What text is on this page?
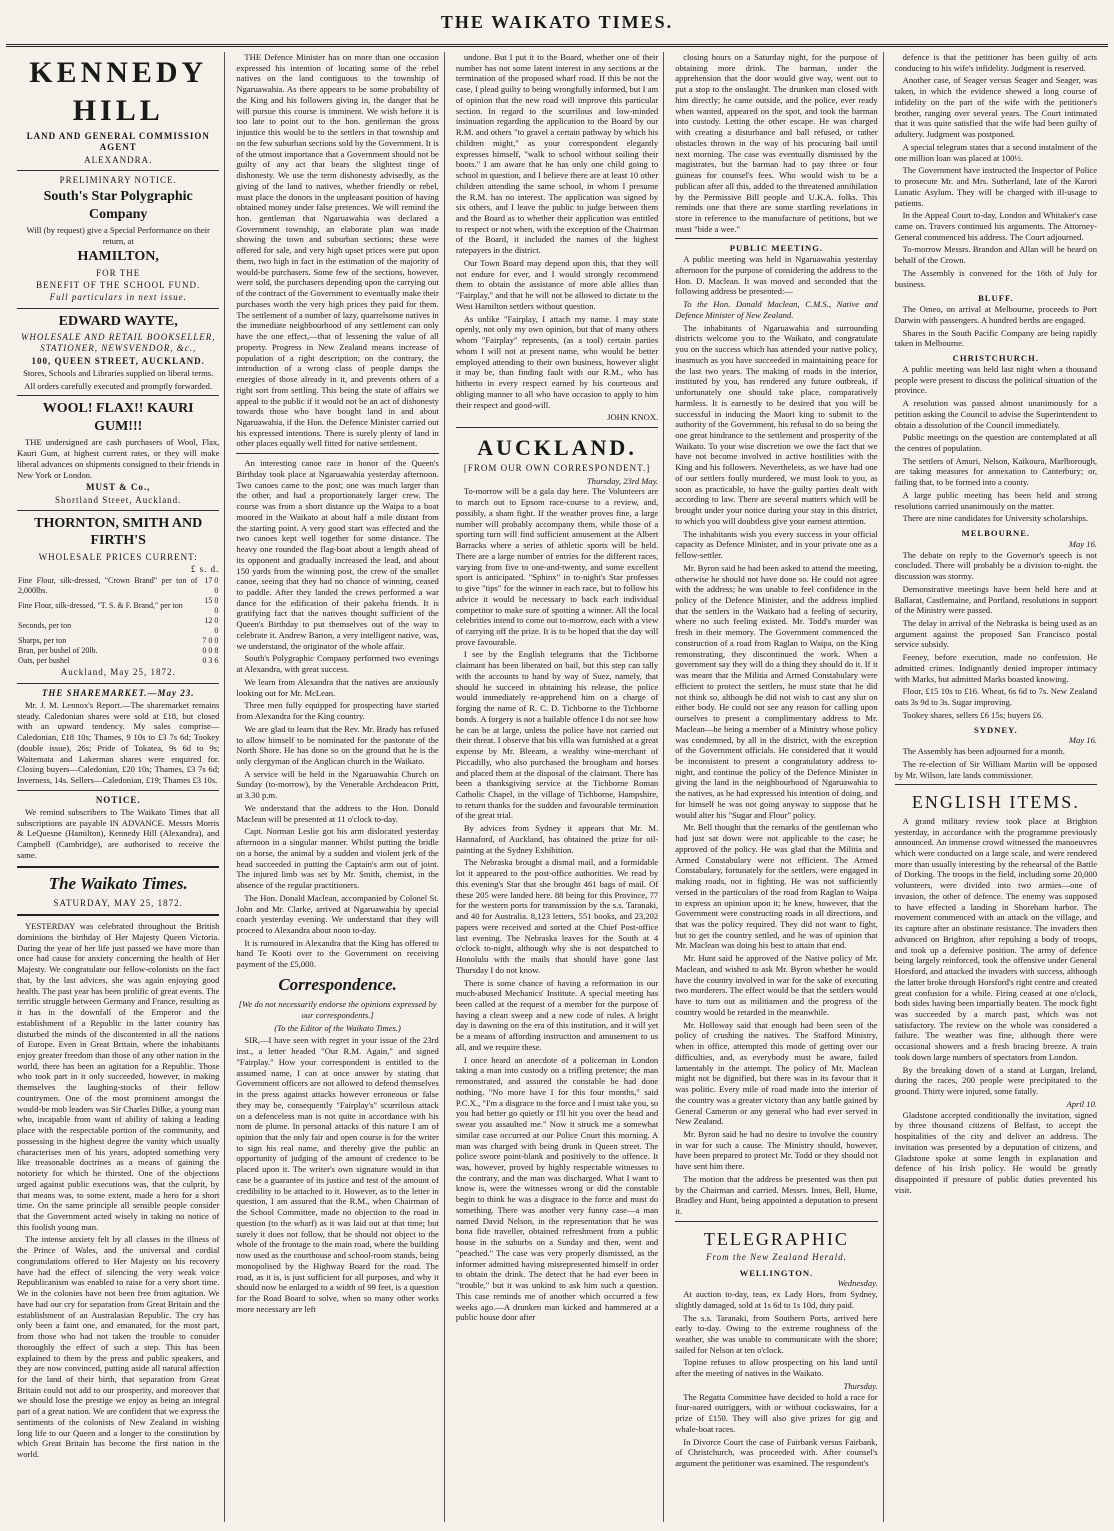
THE WAIKATO TIMES.
KENNEDY HILL
LAND AND GENERAL COMMISSION AGENT
ALEXANDRA.
PRELIMINARY NOTICE.
South's Star Polygraphic Company

Will (by request) give a Special Performance on their return, at

HAMILTON,
FOR THE
BENEFIT OF THE SCHOOL FUND.
Full particulars in next issue.
EDWARD WAYTE,
WHOLESALE AND RETAIL BOOKSELLER, STATIONER, NEWSVENDOR, &c.,
100, QUEEN STREET, AUCKLAND.

Stores, Schools and Libraries supplied on liberal terms.

All orders carefully executed and promptly forwarded.

WOOL! FLAX!! KAURI GUM!!!

THE undersigned are cash purchasers of Wool, Flax, Kauri Gum, at highest current rates, or they will make liberal advances on shipments consigned to their friends in New York or London.

MUST & Co.,
Shortland Street, Auckland.
THORNTON, SMITH AND FIRTH'S
WHOLESALE PRICES CURRENT:
£ s. d.
Fine Flour, silk-dressed, "Crown Brand" per ton of 2,000lbs.	17 0 0
Fine Flour, silk-dressed, "T. S. & F. Brand," per ton	15 0 0
Seconds, per ton	12 0 0
Sharps, per ton	7 0 0
Bran, per bushel of 20lb.	0 0 8
Oats, per bushel	0 3 6
Auckland, May 25, 1872.
THE SHAREMARKET.—May 23.

Mr. J. M. Lennox's Report.—The sharemarket remains steady. Caledonian shares were sold at £18, but closed with an upward tendency. My sales comprise—Caledonian, £18 10s; Thames, 9 10s to £3 7s 6d; Tookey (double issue), 26s; Pride of Tokatea, 9s 6d to 9s; Waitemata and Lakerman shares were enquired for. Closing buyers—Caledonian, £20 10s; Thames, £3 7s 6d; Inverness, 14s. Sellers—Caledonian, £19; Thames £3 10s.

NOTICE.

We remind subscribers to The Waikato Times that all subscriptions are payable IN ADVANCE. Messrs Morris & LeQuesne (Hamilton), Kennedy Hill (Alexandra), and Campbell (Cambridge), are authorised to receive the same.

The Waikato Times.
SATURDAY, MAY 25, 1872.

YESTERDAY was celebrated throughout the British dominions the birthday of Her Majesty Queen Victoria. During the year of her life just passed we have more than once had cause for anxiety concerning the health of Her Majesty. We congratulate our fellow-colonists on the fact that, by the last advices, she was again enjoying good health. The past year has been prolific of great events. The terrific struggle between Germany and France, resulting as it has in the downfall of the Emperor and the establishment of a Republic in the latter country has disturbed the minds of the discontented in all the nations of Europe. Even in Great Britain, where the inhabitants enjoy greater freedom than those of any other nation in the world, there has been an agitation for a Republic. Those who took part in it only succeeded, however, in making themselves the laughing-stocks of their fellow countrymen. One of the most prominent amongst the would-be mob leaders was Sir Charles Dilke, a young man who, incapable from want of ability of taking a leading place with the respectable portion of the community, and possessing in the highest degree the vanity which usually characterises men of his years, adopted something very like treasonable doctrines as a means of gaining the notoriety for which he thirsted. One of the objections urged against public executions was, that the culprit, by that means was, to some extent, made a hero for a short time. On the same principle all sensible people consider that the Government acted wisely in taking no notice of this foolish young man.

The intense anxiety felt by all classes in the illness of the Prince of Wales, and the universal and cordial congratulations offered to Her Majesty on his recovery have had the effect of silencing the very weak voice Republicanism was enabled to raise for a very short time. We in the colonies have not been free from agitation. We have had our cry for separation from Great Britain and the establishment of an Australasian Republic. The cry has only been a faint one, and emanated, for the most part, from those who had not taken the trouble to consider thoroughly the effect of such a step. This has been explained to them by the press and public speakers, and they are now convinced, putting aside all natural affection for the land of their birth, that separation from Great Britain could not add to our prosperity, and moreover that we should lose the prestige we enjoy as being an integral part of a great nation. We are confident that we express the sentiments of the colonists of New Zealand in wishing long life to our Queen and a longer to the constitution by which Great Britain has become the first nation in the world.

THE Defence Minister has on more than one occasion expressed his intention of locating some of the rebel natives on the land contiguous to the township of Ngaruawahia. As there appears to be some probability of the King and his followers giving in, the danger that he will pursue this course is imminent. We wish before it is too late to point out to the hon. gentleman the gross injustice this would be to the settlers in that township and on the few suburban sections sold by the Government. It is of the utmost importance that a Government should not be guilty of any act that bears the slightest tinge of dishonesty. We use the term dishonesty advisedly, as the giving of the land to natives, whether friendly or rebel, must place the donors in the unpleasant position of having obtained money under false pretences. We will remind the hon. gentleman that Ngaruawahia was declared a Government township, an elaborate plan was made showing the town and suburban sections; these were offered for sale, and very high upset prices were put upon them, two high in fact in the estimation of the majority of would-be purchasers. Some few of the sections, however, were sold, the purchasers depending upon the carrying out of the contract of the Government to eventually make their purchases worth the very high prices they paid for them. The settlement of a number of lazy, quarrelsome natives in the immediate neighbourhood of any settlement can only have the one effect,—that of lessening the value of all property. Progress in New Zealand means increase of population of a right description; on the contrary, the introduction of a wrong class of people damps the energies of those already in it, and prevents others of a right sort from settling. This being the state of affairs we appeal to the public if it would not be an act of dishonesty towards those who have bought land in and about Ngaruawahia, if the Hon. the Defence Minister carried out his expressed intentions. There is surely plenty of land in other places equally well fitted for native settlement.

An interesting canoe race in honor of the Queen's Birthday took place at Ngaruawahia yesterday afternoon. Two canoes came to the post; one was much larger than the other, and had a proportionately larger crew. The course was from a short distance up the Waipa to a boat moored in the Waikato at about half a mile distant from the starting point. A very good start was effected and the two canoes kept well together for some distance. The heavy one rounded the flag-boat about a length ahead of its opponent and gradually increased the lead, and about 150 yards from the winning post, the crew of the smaller canoe, seeing that they had no chance of winning, ceased to paddle. After they landed the crews performed a war dance for the edification of their pakeha friends. It is gratifying fact that the natives thought sufficient of the Queen's Birthday to put themselves out of the way to celebrate it. Andrew Barton, a very intelligent native, was, we understand, the originator of the whole affair.

South's Polygraphic Company performed two evenings at Alexandra, with great success.

We learn from Alexandra that the natives are anxiously looking out for Mr. McLean.

Three men fully equipped for prospecting have started from Alexandra for the King country.

We are glad to learn that the Rev. Mr. Brady has refused to allow himself to be nominated for the pastorate of the North Shore. He has done so on the ground that he is the only clergyman of the Anglican church in the Waikato.

A service will be held in the Ngaruawahia Church on Sunday (to-morrow), by the Venerable Archdeacon Pritt, at 3.30 p.m.

We understand that the address to the Hon. Donald Maclean will be presented at 11 o'clock to-day.

Capt. Norman Leslie got his arm dislocated yesterday afternoon in a singular manner. Whilst putting the bridle on a horse, the animal by a sudden and violent jerk of the head succeeded in putting the Captain's arm out of joint. The injured limb was set by Mr. Smith, chemist, in the absence of the regular practitioners.

The Hon. Donald Maclean, accompanied by Colonel St. John and Mr. Clarke, arrived at Ngaruawahia by special coach yesterday evening. We understand that they will proceed to Alexandra about noon to-day.

It is rumoured in Alexandra that the King has offered to hand Te Kooti over to the Government on receiving payment of the £5,000.

Correspondence.

[We do not necessarily endorse the opinions expressed by our correspondents.]

(To the Editor of the Waikato Times.)

SIR,—I have seen with regret in your issue of the 23rd inst., a letter headed "Our R.M. Again," and signed "Fairplay." How your correspondent is entitled to the assumed name, I can at once answer by stating that Government officers are not allowed to defend themselves in the press against attacks however erroneous or false they may be, consequently "Fairplay's" scurrilous attack on a defenceless man is not quite in accordance with his nom de plume. In personal attacks of this nature I am of opinion that the only fair and open course is for the writer to sign his real name, and thereby give the public an opportunity of judging of the amount of credence to be placed upon it. The writer's own signature would in that case be a guarantee of its justice and test of the amount of credibility to be attached to it. However, as to the letter in question, I am assured that the R.M., when Chairman of the School Committee, made no objection to the road in question (to the wharf) as it was laid out at that time; but surely it does not follow, that he should not object to the whole of the frontage to the main road, where the building now used as the courthouse and school-room stands, being monopolised by the Highway Board for the road. The road, as it is, is just sufficient for all purposes, and why it should now be enlarged to a width of 99 feet, is a question for the Road Board to solve, when so many other works more necessary are left

undone. But I put it to the Board, whether one of their number has not some latent interest in any sections at the termination of the proposed wharf road. If this be not the case, I plead guilty to being wrongfully informed, but I am of opinion that the new road will improve this particular section. In regard to the scurrilous and low-minded insinuation regarding the application to the Board by our R.M. and others "to gravel a certain pathway by which his children might," as your correspondent elegantly expresses himself, "walk to school without soiling their boots." I am aware that he has only one child going to school in question, and I believe there are at least 10 other children attending the same school, in whom I presume the R.M. has no interest. The application was signed by six others, and I leave the public to judge between them and the Board as to whether their application was entitled to respect or not when, with the exception of the Chairman of the Board, it included the names of the highest ratepayers in the district.

Our Town Board may depend upon this, that they will not endure for ever, and I would strongly recommend them to obtain the assistance of more able allies than "Fairplay," and that he will not be allowed to dictate to the West Hamilton settlers without question.

As unlike "Fairplay, I attach my name. I may state openly, not only my own opinion, but that of many others whom "Fairplay" represents, (as a tool) certain parties whom I will not at present name, who would be better employed attending to their own business, however slight it may be, than finding fault with our R.M., who has hitherto in every respect earned by his courteous and obliging manner to all who have occasion to apply to him their respect and good-will.

JOHN KNOX.
AUCKLAND.
[FROM OUR OWN CORRESPONDENT.]
Thursday, 23rd May.

To-morrow will be a gala day here. The Volunteers are to march out to Epsom race-course to a review, and, possibly, a sham fight. If the weather proves fine, a large number will probably accompany them, while those of a sporting turn will find sufficient amusement at the Albert Barracks where a series of athletic sports will be held. There are a large number of entries for the different races, varying from five to one-and-twenty, and some excellent sport is anticipated. "Sphinx" in to-night's Star professes to give "tips" for the winner in each race, but to follow his advice it would be necessary to back each individual competitor to make sure of spotting a winner. All the local celebrities intend to come out to-morrow, each with a view of carrying off the prize. It is to be hoped that the day will prove favourable.

I see by the English telegrams that the Tichborne claimant has been liberated on bail, but this step can tally with the accounts to hand by way of Suez, namely, that should he succeed in obtaining his release, the police would immediately re-apprehend him on a charge of forging the name of R. C. D. Tichborne to the Tichborne bonds. A forgery is not a bailable offence I do not see how he can be at large, unless the police have not carried out their threat. I observe that his villa was furnished at a great expense by Mr. Bleeam, a wealthy wine-merchant of Piccadilly, who also purchased the brougham and horses and placed them at the disposal of the claimant. There has been a thanksgiving service at the Tichborne Roman Catholic Chapel, in the village of Tichborne, Hampshire, to return thanks for the sudden and favourable termination of the great trial.

By advices from Sydney it appears that Mr. M. Hannaford, of Auckland, has obtained the prize for oil-painting at the Sydney Exhibition.

The Nebraska brought a dismal mail, and a formidable lot it appeared to the post-office authorities. We read by this evening's Star that she brought 461 bags of mail. Of these 205 were landed here. 88 being for this Province, 77 for the western ports for transmission by the s.s. Taranaki, and 40 for Australia. 8,123 letters, 551 books, and 23,202 papers were received and sorted at the Chief Post-office last evening. The Nebraska leaves for the South at 4 o'clock to-night, although why she is not despatched to Honolulu with the mails that should have gone last Thursday I do not know.

There is some chance of having a reformation in our much-abused Mechanics' Institute. A special meeting has been called at the request of a member for the purpose of having a clean sweep and a new code of rules. A bright day is dawning on the era of this institution, and it will yet be a means of affording instruction and amusement to us all, and we require these.

I once heard an anecdote of a policeman in London taking a man into custody on a trifling pretence; the man remonstrated, and assured the constable he had done nothing. "No more have I for this four months," said P.C.X., "I'm a disgrace to the force and I must take you, so you had better go quietly or I'll hit you over the head and swear you assaulted me." Now it struck me a somewhat similar case occurred at our Police Court this morning. A man was charged with being drunk in Queen street. The police swore point-blank and positively to the offence. It was, however, proved by highly respectable witnesses to the contrary, and the man was discharged. What I want to know is, were the witnesses wrong or did the constable begin to think he was a disgrace to the force and must do something. There was another very funny case—a man named David Nelson, in the representation that he was bona fide traveller, obtained refreshment from a public house in the suburbs on a Sunday and then, went and "peached." The case was very properly dismissed, as the informer admitted having misrepresented himself in order to obtain the drink. The detect that he had ever been in "trouble," but it was unkind to ask him such a question. This case reminds me of another which occurred a few weeks ago.—A drunken man kicked and hammered at a public house door after

closing hours on a Saturday night, for the purpose of obtaining more drink. The barman, under the apprehension that the door would give way, went out to put a stop to the onslaught. The drunken man closed with him directly; he came outside, and the police, ever ready when wanted, appeared on the spot, and took the barman into custody. Letting the other escape. He was charged with creating a disturbance and ball refused, or rather obstacles thrown in the way of his procuring bail until next morning. The case was eventually dismissed by the magistrates, but the barman had to pay three or four guineas for counsel's fees. Who would wish to be a publican after all this, added to the threatened annihilation by the Permissive Bill people and U.K.A. folks. This reminds one that there are some startling revelations in store in reference to the manufacture of petitions, but we must "bide a wee."

PUBLIC MEETING.

A public meeting was held in Ngaruawahia yesterday afternoon for the purpose of considering the address to the Hon. D. Maclean. It was moved and seconded that the following address be presented:—

To the Hon. Donald Maclean, C.M.S., Native and Defence Minister of New Zealand.

The inhabitants of Ngaruawahia and surrounding districts welcome you to the Waikato, and congratulate you on the success which has attended your native policy, inasmuch as you have succeeded in maintaining peace for the last two years. The making of roads in the interior, instituted by you, has rendered any future outbreak, if unfortunately one should take place, comparatively harmless. It is earnestly to be desired that you will be successful in inducing the Maori king to submit to the authority of the Government, his refusal to do so being the one great hindrance to the settlement and prosperity of the Waikato. To your wise discretion we owe the fact that we have not become involved in active hostilities with the King and his followers. Nevertheless, as we have had one of our settlers foully murdered, we must look to you, as soon as practicable, to have the guilty parties dealt with according to law. There are several matters which will be brought under your notice during your stay in this district, to which you will doubtless give your earnest attention.

The inhabitants wish you every success in your official capacity as Defence Minister, and in your private one as a fellow-settler.

Mr. Byron said he had been asked to attend the meeting, otherwise he should not have done so. He could not agree with the address; he was unable to feel confidence in the policy of the Defence Minister, and the address implied that the settlers in the Waikato had a feeling of security, where no such feeling existed. Mr. Todd's murder was fresh in their memory. The Government commenced the construction of a road from Raglan to Waipa, on the King remonstrating, they discontinued the work. When a government say they will do a thing they should do it. If it was meant that the Militia and Armed Constabulary were efficient to protect the settlers, he must state that he did not think so, although he did not wish to cast any slur on either body. He could not see any reason for calling upon ourselves to present a complimentary address to Mr. Maclean—he being a member of a Ministry whose policy was condemned, by all in the district, with the exception of the Government officials. He considered that it would be inconsistent to present a congratulatory address to-night, and continue the policy of the Defence Minister in giving the land in the neighbourhood of Ngaruawahia to the natives, as he had expressed his intention of doing, and for himself he was not going anyway to suppose that he would alter his "Sugar and Flour" policy.

Mr. Bell thought that the remarks of the gentleman who had just sat down were not applicable to the case; he approved of the policy. He was glad that the Militia and Armed Constabulary were not efficient. The Armed Constabulary, fortunately for the settlers, were engaged in making roads, not in fighting. He was not sufficiently versed in the particulars of the road from Raglan to Waipa to express an opinion upon it; he knew, however, that the Government were constructing roads in all directions, and that was the policy required. They did not want to fight, but to get the country settled, and he was of opinion that Mr. Maclean was doing his best to attain that end.

Mr. Hunt said he approved of the Native policy of Mr. Maclean, and wished to ask Mr. Byron whether he would have the country involved in war for the sake of executing two murderers. The effect would be that the settlers would have to turn out as militiamen and the progress of the country would be retarded in the meanwhile.

Mr. Holloway said that enough had been seen of the policy of crushing the natives. The Stafford Ministry, when in office, attempted this mode of getting over our difficulties, and, as everybody must be aware, failed lamentably in the attempt. The policy of Mr. Maclean might not be dignified, but there was in its favour that it was politic. Every mile of road made into the interior of the country was a greater victory than any battle gained by General Cameron or any general who had ever served in New Zealand.

Mr. Byron said he had no desire to involve the country in war for such a cause. The Ministry should, however, have been prepared to protect Mr. Todd or they should not have sent him there.

The motion that the address be presented was then put by the Chairman and carried. Messrs. Innes, Bell, Hume, Bradley and Hunt, being appointed a deputation to present it.

TELEGRAPHIC
From the New Zealand Herald.
WELLINGTON.
Wednesday.

At auction to-day, teas, ex Lady Hors, from Sydney, slightly damaged, sold at 1s 6d to 1s 10d, duty paid.

The s.s. Taranaki, from Southern Ports, arrived here early to-day. Owing to the extreme roughness of the weather, she was unable to communicate with the shore; sailed for Nelson at ten o'clock.

Topine refuses to allow prospecting on his land until after the meeting of natives in the Waikato.

Thursday.

The Regatta Committee have decided to hold a race for four-oared outriggers, with or without cockswains, for a prize of £150. They will also give prizes for gig and whale-boat races.

In Divorce Court the case of Fairbank versus Fairbank, of Christchurch, was proceeded with. After counsel's argument the petitioner was examined. The respondent's

defence is that the petitioner has been guilty of acts conducing to his wife's infidelity. Judgment is reserved.

Another case, of Seager versus Seager and Seager, was taken, in which the evidence shewed a long course of infidelity on the part of the wife with the petitioner's brother, ranging over several years. The Court intimated that it was quite satisfied that the wife had been guilty of adultery. Judgment was postponed.

A special telegram states that a second instalment of the one million loan was placed at 100½.

The Government have instructed the Inspector of Police to prosecute Mr. and Mrs. Sutherland, late of the Karori Lunatic Asylum. They will be charged with ill-usage to patients.

In the Appeal Court to-day, London and Whitaker's case came on. Travers continued his arguments. The Attorney-General commenced his address. The Court adjourned.

To-morrow Messrs. Brandon and Allan will be heard on behalf of the Crown.

The Assembly is convened for the 16th of July for business.

BLUFF.

The Omeo, on arrival at Melbourne, proceeds to Port Darwin with passengers. A hundred berths are engaged.

Shares in the South Pacific Company are being rapidly taken in Melbourne.

CHRISTCHURCH.

A public meeting was held last night when a thousand people were present to discuss the political situation of the province.

A resolution was passed almost unanimously for a petition asking the Council to advise the Superintendent to obtain a dissolution of the Council immediately.

Public meetings on the question are contemplated at all the centres of population.

The settlers of Amuri, Nelson, Kaikoura, Marlborough, are taking measures for annexation to Canterbury; or, failing that, to be formed into a county.

A large public meeting has been held and strong resolutions carried unanimously on the matter.

There are nine candidates for University scholarships.

MELBOURNE.
May 16.

The debate on reply to the Governor's speech is not concluded. There will probably be a division to-night. the discussion was stormy.

Demonstrative meetings have been held here and at Ballarat, Castlemaine, and Portland, resolutions in support of the Ministry were passed.

The delay in arrival of the Nebraska is being used as an argument against the proposed San Francisco postal service subsidy.

Feeney, before execution, made no confession. He admitted crimes. Indignantly denied improper intimacy with Marks, but admitted Marks boasted knowing.

Flour, £15 10s to £16. Wheat, 6s 6d to 7s. New Zealand oats 3s 9d to 3s. Sugar improving.

Tookey shares, sellers £6 15s; buyers £6.

SYDNEY.
May 16.

The Assembly has been adjourned for a month.

The re-election of Sir William Martin will be opposed by Mr. Wilson, late lands commissioner.

ENGLISH ITEMS.

A grand military review took place at Brighton yesterday, in accordance with the programme previously announced. An immense crowd witnessed the manoeuvres which were conducted on a large scale, and were rendered more than usually interesting by the rehearsal of the Battle of Dorking. The troops in the field, including some 20,000 volunteers, were divided into two armies—one of invasion, the other of defence. The enemy was supposed to have effected a landing in Shoreham harbor. The movement commenced with an attack on the village, and its capture after an obstinate resistance. The invaders then advanced on Brighton, after repulsing a body of troops, and took up a defensive position. The army of defence being largely reinforced, took the offensive under General Horsford, and attacked the invaders with success, although the latter broke through Horsford's right centre and created great confusion for a while. Firing ceased at one o'clock, both sides having been impartially beaten. The mock fight was succeeded by a march past, which was not satisfactory. The review on the whole was considered a failure. The weather was fine, although there were occasional showers and a fresh bracing breeze. A train took down large numbers of spectators from London.

By the breaking down of a stand at Lurgan, Ireland, during the races, 200 people were precipitated to the ground. Thirty were injured, some fatally.

April 10.

Gladstone accepted conditionally the invitation, signed by three thousand citizens of Belfast, to accept the hospitalities of the city and deliver an address. The invitation was presented by a deputation of citizens, and Gladstone spoke at some length in explanation and defence of his Irish policy. He would be greatly disappointed if pressure of public duties prevented his visit.
